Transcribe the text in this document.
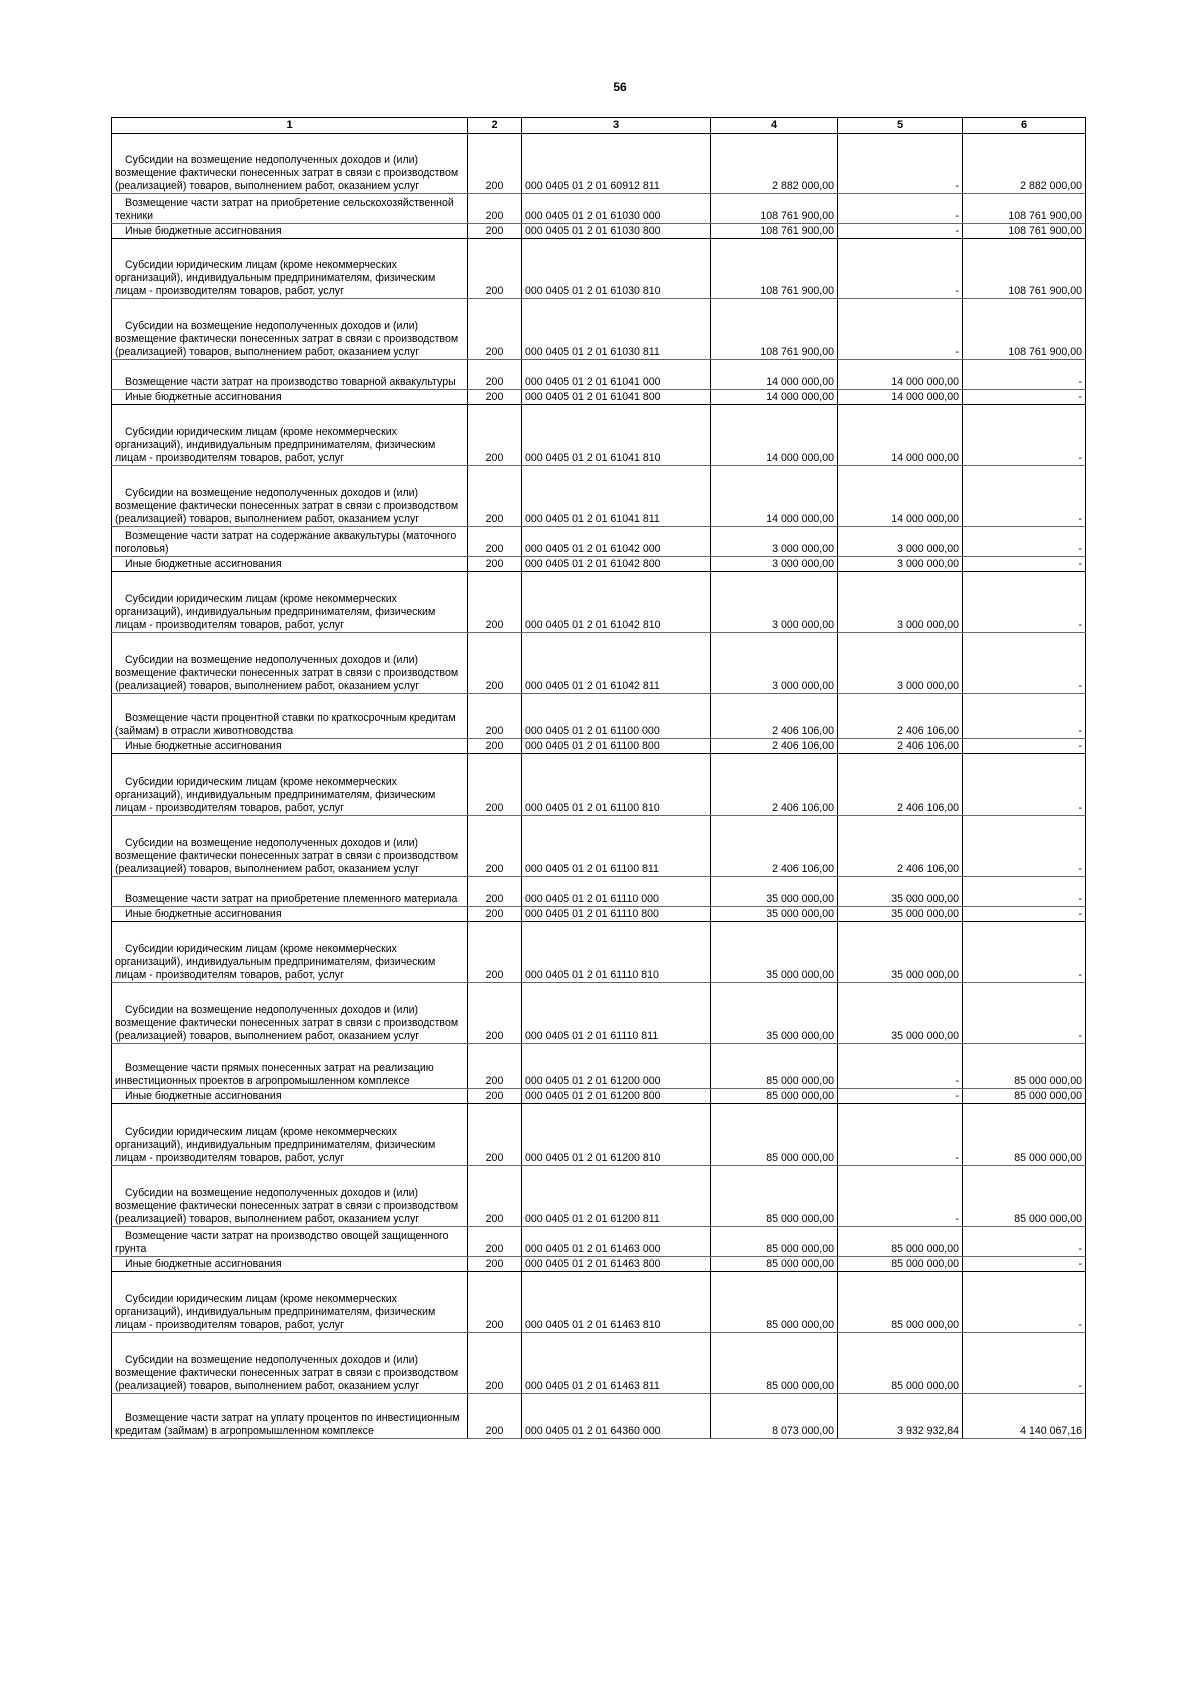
56
1	2	3	4	5	6

Субсидии на возмещение недополученных доходов и (или) возмещение фактически понесенных затрат в связи с производством (реализацией) товаров, выполнением работ, оказанием услуг	200	000 0405 01 2 01 60912 811	2 882 000,00	-	2 882 000,00

Возмещение части затрат на приобретение сельскохозяйственной техники	200	000 0405 01 2 01 61030 000	108 761 900,00	-	108 761 900,00

Иные бюджетные ассигнования	200	000 0405 01 2 01 61030 800	108 761 900,00	-	108 761 900,00

Субсидии юридическим лицам (кроме некоммерческих организаций), индивидуальным предпринимателям, физическим лицам - производителям товаров, работ, услуг	200	000 0405 01 2 01 61030 810	108 761 900,00	-	108 761 900,00

Субсидии на возмещение недополученных доходов и (или) возмещение фактически понесенных затрат в связи с производством (реализацией) товаров, выполнением работ, оказанием услуг	200	000 0405 01 2 01 61030 811	108 761 900,00	-	108 761 900,00

Возмещение части затрат на производство товарной аквакультуры	200	000 0405 01 2 01 61041 000	14 000 000,00	14 000 000,00	-

Иные бюджетные ассигнования	200	000 0405 01 2 01 61041 800	14 000 000,00	14 000 000,00	-

Субсидии юридическим лицам (кроме некоммерческих организаций), индивидуальным предпринимателям, физическим лицам - производителям товаров, работ, услуг	200	000 0405 01 2 01 61041 810	14 000 000,00	14 000 000,00	-

Субсидии на возмещение недополученных доходов и (или) возмещение фактически понесенных затрат в связи с производством (реализацией) товаров, выполнением работ, оказанием услуг	200	000 0405 01 2 01 61041 811	14 000 000,00	14 000 000,00	-

Возмещение части затрат на содержание аквакультуры (маточного поголовья)	200	000 0405 01 2 01 61042 000	3 000 000,00	3 000 000,00	-

Иные бюджетные ассигнования	200	000 0405 01 2 01 61042 800	3 000 000,00	3 000 000,00	-

Субсидии юридическим лицам (кроме некоммерческих организаций), индивидуальным предпринимателям, физическим лицам - производителям товаров, работ, услуг	200	000 0405 01 2 01 61042 810	3 000 000,00	3 000 000,00	-

Субсидии на возмещение недополученных доходов и (или) возмещение фактически понесенных затрат в связи с производством (реализацией) товаров, выполнением работ, оказанием услуг	200	000 0405 01 2 01 61042 811	3 000 000,00	3 000 000,00	-

Возмещение части процентной ставки по краткосрочным кредитам (займам) в отрасли животноводства	200	000 0405 01 2 01 61100 000	2 406 106,00	2 406 106,00	-

Иные бюджетные ассигнования	200	000 0405 01 2 01 61100 800	2 406 106,00	2 406 106,00	-

Субсидии юридическим лицам (кроме некоммерческих организаций), индивидуальным предпринимателям, физическим лицам - производителям товаров, работ, услуг	200	000 0405 01 2 01 61100 810	2 406 106,00	2 406 106,00	-

Субсидии на возмещение недополученных доходов и (или) возмещение фактически понесенных затрат в связи с производством (реализацией) товаров, выполнением работ, оказанием услуг	200	000 0405 01 2 01 61100 811	2 406 106,00	2 406 106,00	-

Возмещение части затрат на приобретение племенного материала	200	000 0405 01 2 01 61110 000	35 000 000,00	35 000 000,00	-

Иные бюджетные ассигнования	200	000 0405 01 2 01 61110 800	35 000 000,00	35 000 000,00	-

Субсидии юридическим лицам (кроме некоммерческих организаций), индивидуальным предпринимателям, физическим лицам - производителям товаров, работ, услуг	200	000 0405 01 2 01 61110 810	35 000 000,00	35 000 000,00	-

Субсидии на возмещение недополученных доходов и (или) возмещение фактически понесенных затрат в связи с производством (реализацией) товаров, выполнением работ, оказанием услуг	200	000 0405 01 2 01 61110 811	35 000 000,00	35 000 000,00	-

Возмещение части прямых понесенных затрат на реализацию инвестиционных проектов в агропромышленном комплексе	200	000 0405 01 2 01 61200 000	85 000 000,00	-	85 000 000,00

Иные бюджетные ассигнования	200	000 0405 01 2 01 61200 800	85 000 000,00	-	85 000 000,00

Субсидии юридическим лицам (кроме некоммерческих организаций), индивидуальным предпринимателям, физическим лицам - производителям товаров, работ, услуг	200	000 0405 01 2 01 61200 810	85 000 000,00	-	85 000 000,00

Субсидии на возмещение недополученных доходов и (или) возмещение фактически понесенных затрат в связи с производством (реализацией) товаров, выполнением работ, оказанием услуг	200	000 0405 01 2 01 61200 811	85 000 000,00	-	85 000 000,00

Возмещение части затрат на производство овощей защищенного грунта	200	000 0405 01 2 01 61463 000	85 000 000,00	85 000 000,00	-

Иные бюджетные ассигнования	200	000 0405 01 2 01 61463 800	85 000 000,00	85 000 000,00	-

Субсидии юридическим лицам (кроме некоммерческих организаций), индивидуальным предпринимателям, физическим лицам - производителям товаров, работ, услуг	200	000 0405 01 2 01 61463 810	85 000 000,00	85 000 000,00	-

Субсидии на возмещение недополученных доходов и (или) возмещение фактически понесенных затрат в связи с производством (реализацией) товаров, выполнением работ, оказанием услуг	200	000 0405 01 2 01 61463 811	85 000 000,00	85 000 000,00	-

Возмещение части затрат на уплату процентов по инвестиционным кредитам (займам) в агропромышленном комплексе	200	000 0405 01 2 01 64360 000	8 073 000,00	3 932 932,84	4 140 067,16
